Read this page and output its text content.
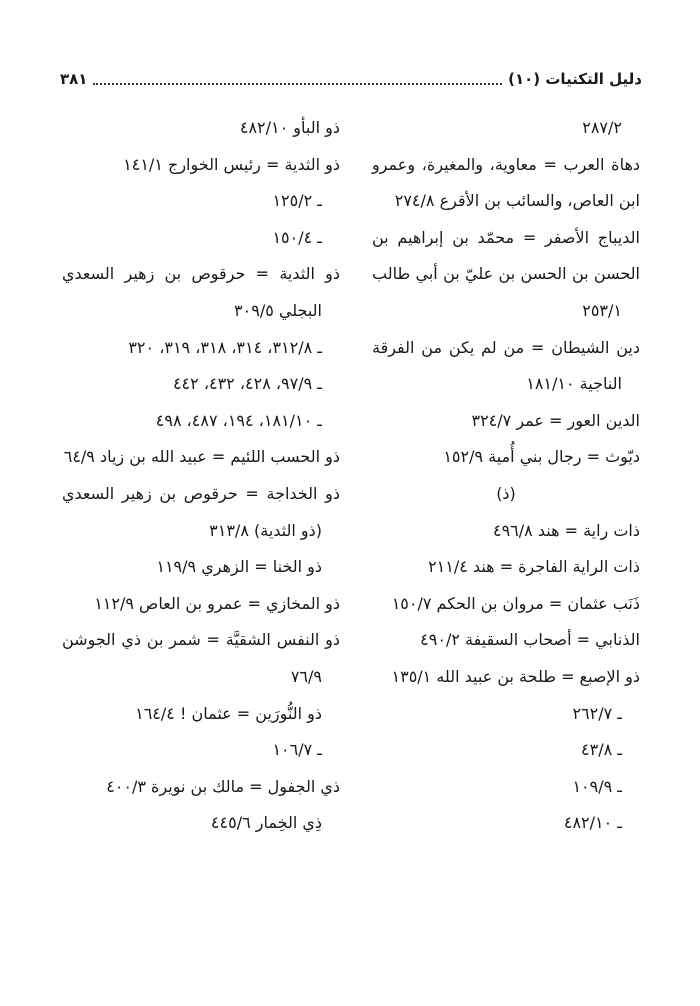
دليل التكنيات (١٠)
٣٨١
٢٨٧/٢
دهاة العرب = معاوية، والمغيرة، وعمرو
ابن العاص، والسائب بن الأقرع ٢٧٤/٨
الديباج الأصفر = محمّد بن إبراهيم بن
الحسن بن الحسن بن عليّ بن أبي طالب
٢٥٣/١
دين الشيطان = من لم يكن من الفرقة
الناجية ١٨١/١٠
الدين العور = عمر ٣٢٤/٧
ديّوث = رجال بني أُمية ١٥٢/٩
(ذ)
ذات راية = هند ٤٩٦/٨
ذات الراية الفاجرة = هند ٢١١/٤
ذَنَب عثمان = مروان بن الحكم ١٥٠/٧
الذنابي = أصحاب السقيفة ٤٩٠/٢
ذو الإصبع = طلحة بن عبيد الله ١٣٥/١
ـ ٢٦٢/٧
ـ ٤٣/٨
ـ ١٠٩/٩
ـ ٤٨٢/١٠
ذو البأو ٤٨٢/١٠
ذو الثدية = رئيس الخوارج ١٤١/١
ـ ١٢٥/٢
ـ ١٥٠/٤
ذو الثدية = حرقوص بن زهير السعدي
البجلي ٣٠٩/٥
ـ ٣١٢/٨، ٣١٤، ٣١٨، ٣١٩، ٣٢٠
ـ ٩٧/٩، ٤٢٨، ٤٣٢، ٤٤٢
ـ ١٨١/١٠، ١٩٤، ٤٨٧، ٤٩٨
ذو الحسب اللئيم = عبيد الله بن زياد ٦٤/٩
ذو الخداجة = حرقوص بن زهير السعدي
(ذو الثدية) ٣١٣/٨
ذو الخنا = الزهري ١١٩/٩
ذو المخازي = عمرو بن العاص ١١٢/٩
ذو النفس الشقيَّة = شمر بن ذي الجوشن
٧٦/٩
ذو النُّورَين = عثمان ! ١٦٤/٤
ـ ١٠٦/٧
ذي الجفول = مالك بن نويرة ٤٠٠/٣
ذِي الخِمار ٤٤٥/٦
